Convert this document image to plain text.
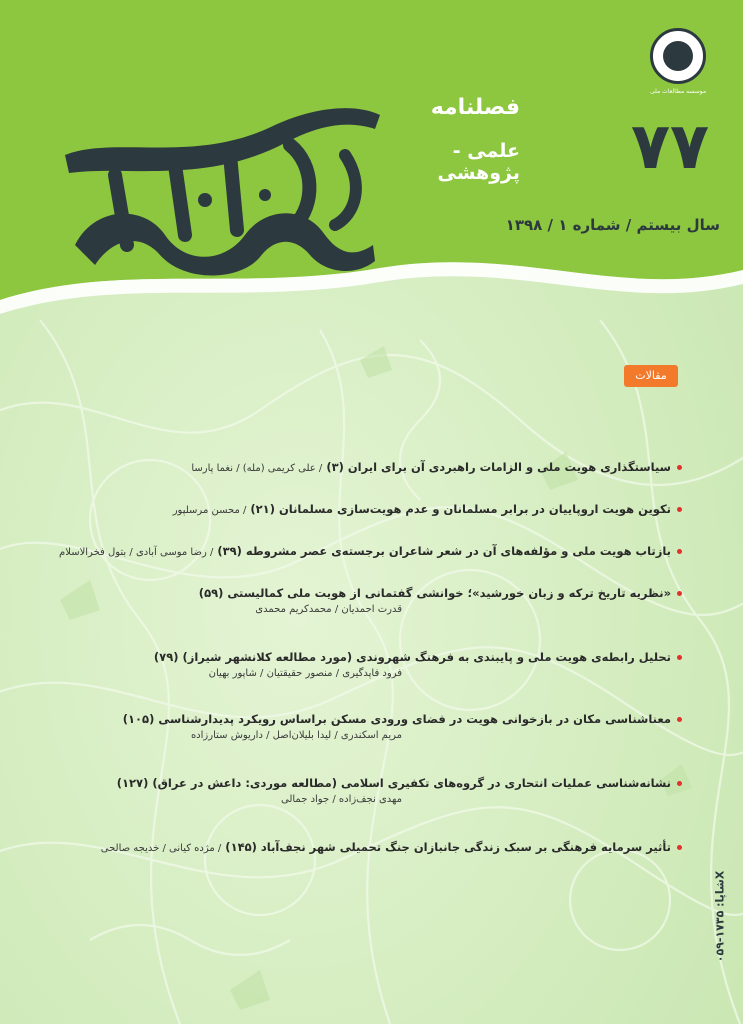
موسسه مطالعات ملی
فصلنامه
علمی - پژوهشی ۷۷
سال بیستم / شماره ۱ / ۱۳۹۸
مقالات
سیاستگذاری هویت ملی و الزامات راهبردی آن برای ایران (۳) / علی کریمی (مله) / نغما پارسا
تکوین هویت اروپاییان در برابر مسلمانان و عدم هویت‌سازی مسلمانان (۲۱) / محسن مرسلپور
بازتاب هویت ملی و مؤلفه‌های آن در شعر شاعران برجسته‌ی عصر مشروطه (۳۹) / رضا موسی آبادی / بتول فخرالاسلام
«نظریه تاریخ ترکه و زبان خورشید»؛ خوانشی گفتمانی از هویت ملی کمالیستی (۵۹)
قدرت احمدیان / محمدکریم محمدی
تحلیل رابطه‌ی هویت ملی و پایبندی به فرهنگ شهروندی (مورد مطالعه کلانشهر شیراز) (۷۹)
فرود فاپدگیری / منصور حقیقتیان / شاپور بهیان
معناشناسی مکان در بازخوانی هویت در فضای ورودی مسکن براساس رویکرد پدیدارشناسی (۱۰۵)
مریم اسکندری / لیدا بلیلان‌اصل / داریوش ستارزاده
نشانه‌شناسی عملیات انتحاری در گروه‌های تکفیری اسلامی (مطالعه موردی: داعش در عراق) (۱۲۷)
مهدی نجف‌زاده / جواد جمالی
تأثیر سرمایه فرهنگی بر سبک زندگی جانبازان جنگ تحمیلی شهر نجف‌آباد (۱۴۵) / مژده کیانی / خدیجه صالحی
شاپا: ۱۷۳۵-۰۵۹X
